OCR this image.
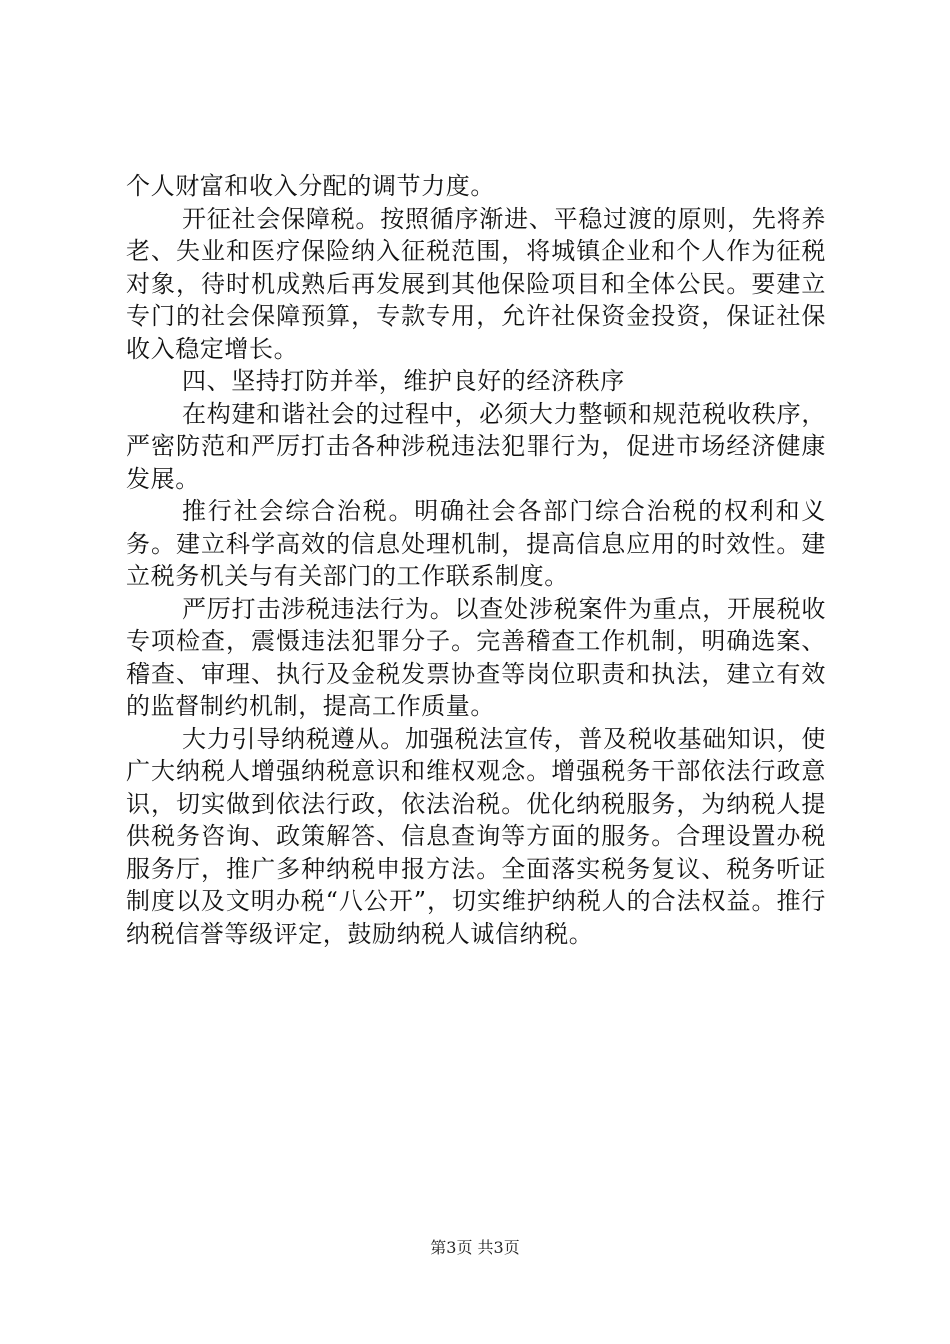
个人财富和收入分配的调节力度。

开征社会保障税。按照循序渐进、平稳过渡的原则，先将养老、失业和医疗保险纳入征税范围，将城镇企业和个人作为征税对象，待时机成熟后再发展到其他保险项目和全体公民。要建立专门的社会保障预算，专款专用，允许社保资金投资，保证社保收入稳定增长。

四、坚持打防并举，维护良好的经济秩序

在构建和谐社会的过程中，必须大力整顿和规范税收秩序，严密防范和严厉打击各种涉税违法犯罪行为，促进市场经济健康发展。

推行社会综合治税。明确社会各部门综合治税的权利和义务。建立科学高效的信息处理机制，提高信息应用的时效性。建立税务机关与有关部门的工作联系制度。

严厉打击涉税违法行为。以查处涉税案件为重点，开展税收专项检查，震慑违法犯罪分子。完善稽查工作机制，明确选案、稽查、审理、执行及金税发票协查等岗位职责和执法，建立有效的监督制约机制，提高工作质量。

大力引导纳税遵从。加强税法宣传，普及税收基础知识，使广大纳税人增强纳税意识和维权观念。增强税务干部依法行政意识，切实做到依法行政，依法治税。优化纳税服务，为纳税人提供税务咨询、政策解答、信息查询等方面的服务。合理设置办税服务厅，推广多种纳税申报方法。全面落实税务复议、税务听证制度以及文明办税“八公开”，切实维护纳税人的合法权益。推行纳税信誉等级评定，鼓励纳税人诚信纳税。

第3页 共3页
